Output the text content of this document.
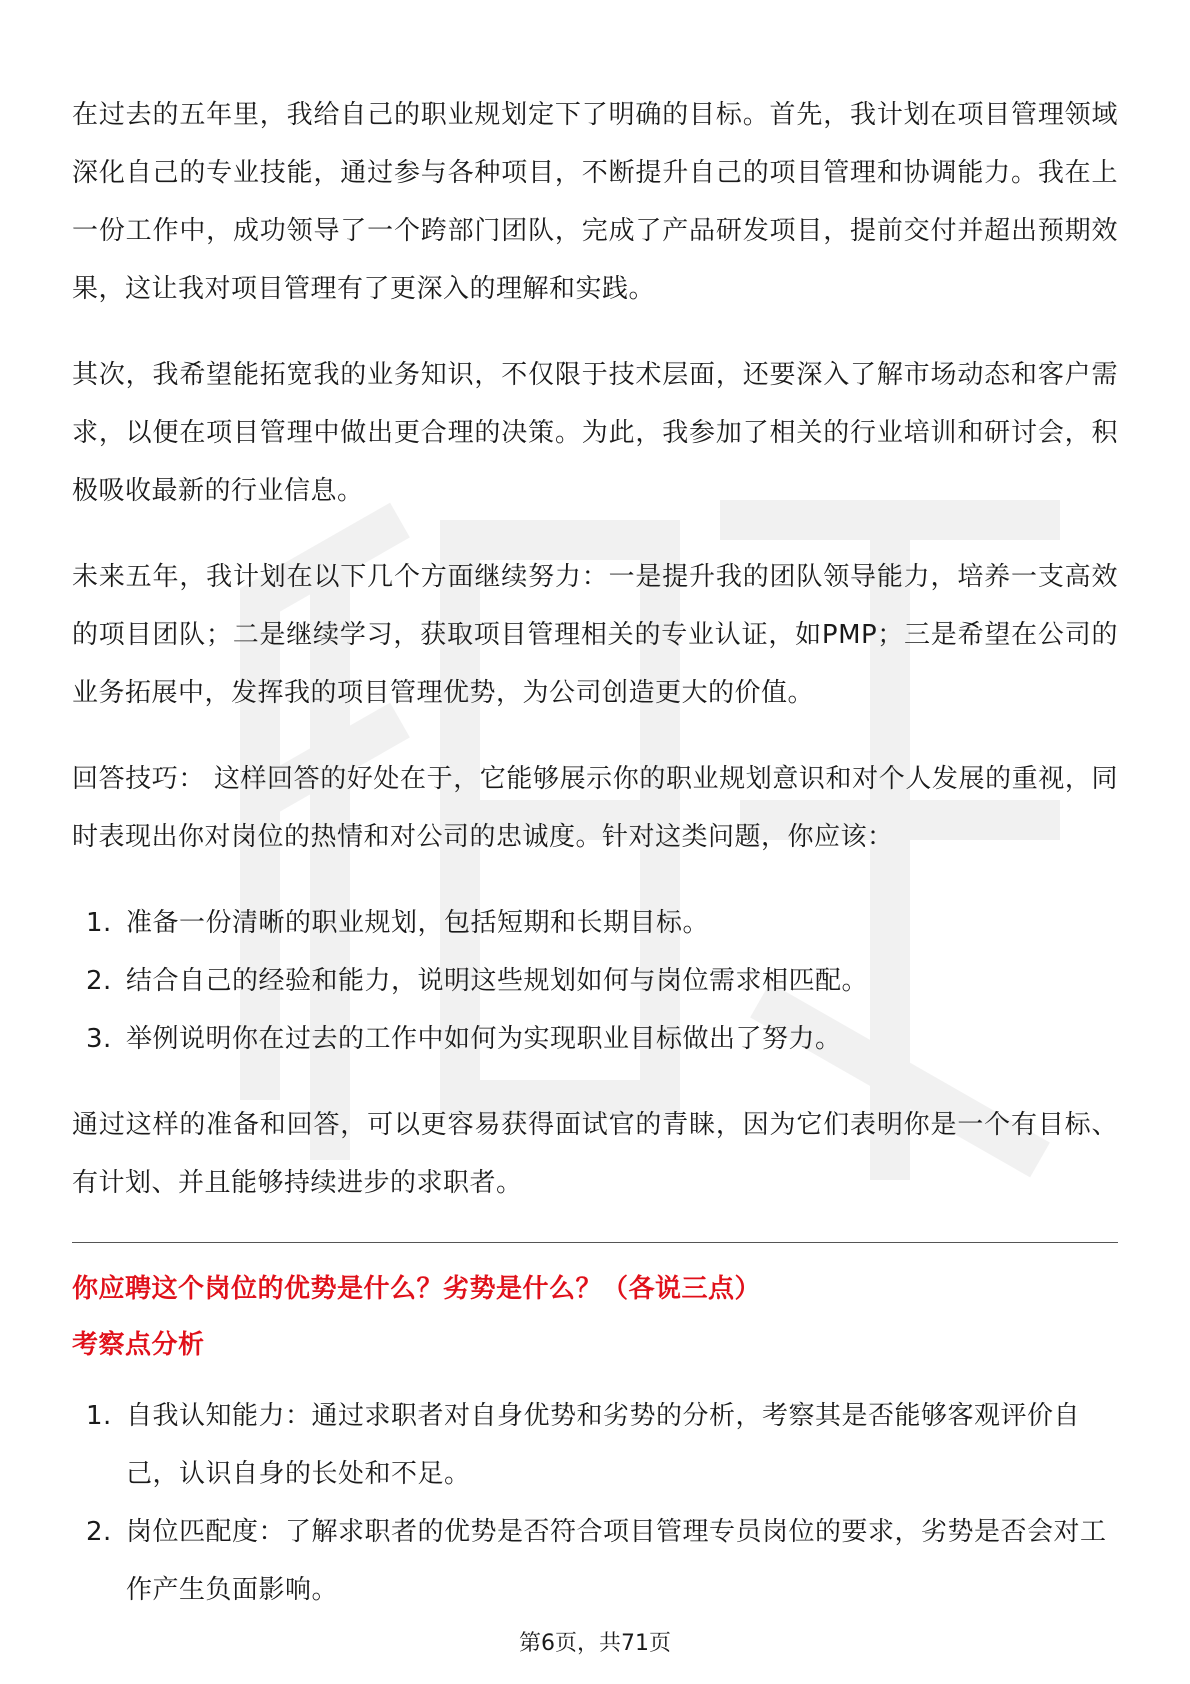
在过去的五年里，我给自己的职业规划定下了明确的目标。首先，我计划在项目管理领域深化自己的专业技能，通过参与各种项目，不断提升自己的项目管理和协调能力。我在上一份工作中，成功领导了一个跨部门团队，完成了产品研发项目，提前交付并超出预期效果，这让我对项目管理有了更深入的理解和实践。

其次，我希望能拓宽我的业务知识，不仅限于技术层面，还要深入了解市场动态和客户需求，以便在项目管理中做出更合理的决策。为此，我参加了相关的行业培训和研讨会，积极吸收最新的行业信息。

未来五年，我计划在以下几个方面继续努力：一是提升我的团队领导能力，培养一支高效的项目团队；二是继续学习，获取项目管理相关的专业认证，如PMP；三是希望在公司的业务拓展中，发挥我的项目管理优势，为公司创造更大的价值。

回答技巧： 这样回答的好处在于，它能够展示你的职业规划意识和对个人发展的重视，同时表现出你对岗位的热情和对公司的忠诚度。针对这类问题，你应该：

1. 准备一份清晰的职业规划，包括短期和长期目标。
2. 结合自己的经验和能力，说明这些规划如何与岗位需求相匹配。
3. 举例说明你在过去的工作中如何为实现职业目标做出了努力。

通过这样的准备和回答，可以更容易获得面试官的青睐，因为它们表明你是一个有目标、有计划、并且能够持续进步的求职者。

你应聘这个岗位的优势是什么？劣势是什么？（各说三点）
考察点分析
1. 自我认知能力：通过求职者对自身优势和劣势的分析，考察其是否能够客观评价自己，认识自身的长处和不足。
2. 岗位匹配度：了解求职者的优势是否符合项目管理专员岗位的要求，劣势是否会对工作产生负面影响。
第6页，共71页
